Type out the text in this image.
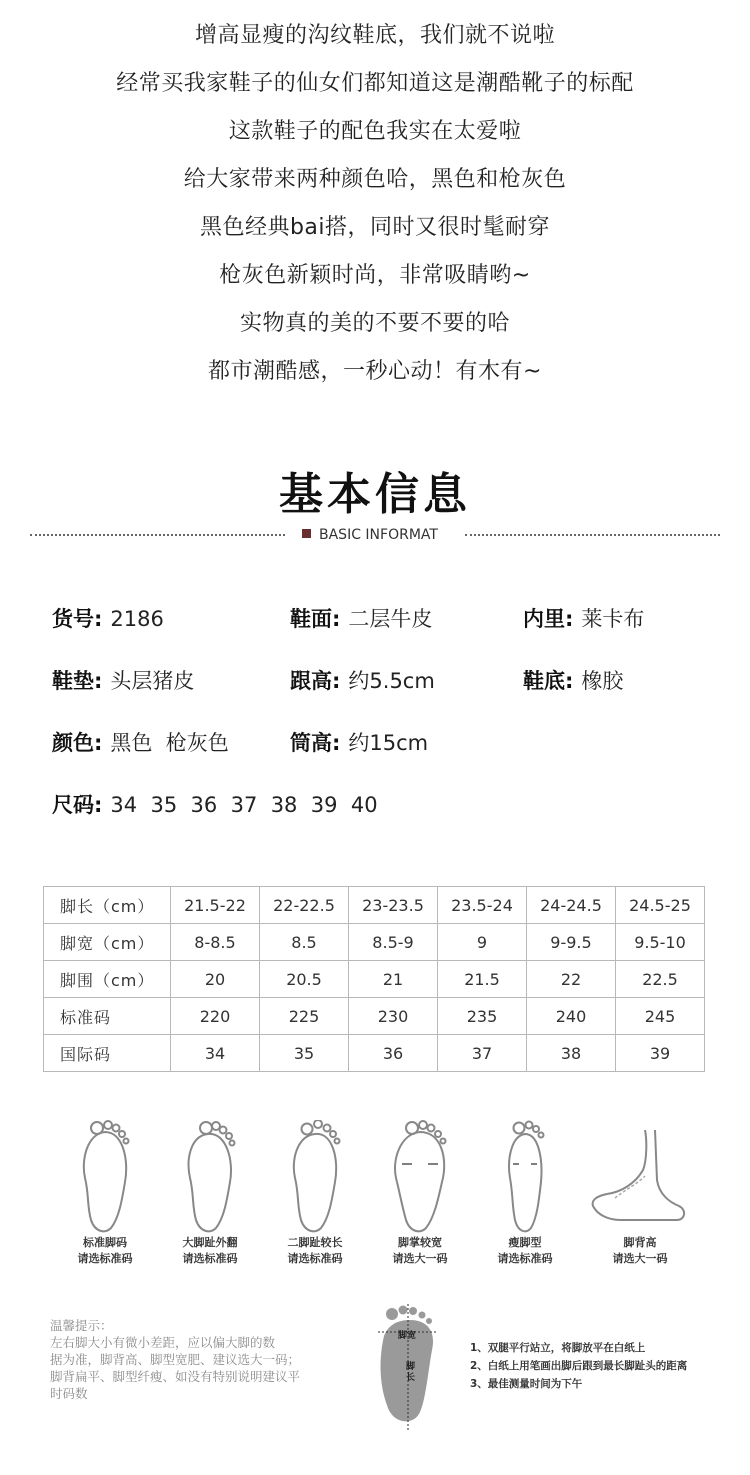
增高显瘦的沟纹鞋底，我们就不说啦
经常买我家鞋子的仙女们都知道这是潮酷靴子的标配
这款鞋子的配色我实在太爱啦
给大家带来两种颜色哈，黑色和枪灰色
黑色经典bai搭，同时又很时髦耐穿
枪灰色新颖时尚，非常吸睛哟~
实物真的美的不要不要的哈
都市潮酷感，一秒心动！有木有~
基本信息
BASIC INFORMAT
货号: 2186	鞋面: 二层牛皮	内里: 莱卡布
鞋垫: 头层猪皮	跟高: 约5.5cm	鞋底: 橡胶
颜色: 黑色  枪灰色	筒高: 约15cm
尺码: 34  35  36  37  38  39  40
脚长（cm）	21.5-22	22-22.5	23-23.5	23.5-24	24-24.5	24.5-25
脚宽（cm）	8-8.5	8.5	8.5-9	9	9-9.5	9.5-10
脚围（cm）	20	20.5	21	21.5	22	22.5
标准码	220	225	230	235	240	245
国际码	34	35	36	37	38	39
标准脚码
请选标准码
大脚趾外翻
请选标准码
二脚趾较长
请选标准码
脚掌较宽
请选大一码
瘦脚型
请选标准码
脚背高
请选大一码
温馨提示：
左右脚大小有微小差距，应以偏大脚的数
据为准，脚背高、脚型宽肥、建议选大一码；
脚背扁平、脚型纤瘦、如没有特别说明建议平
时码数
脚宽
脚长
1、双腿平行站立，将脚放平在白纸上
2、白纸上用笔画出脚后跟到最长脚趾头的距离
3、最佳测量时间为下午
